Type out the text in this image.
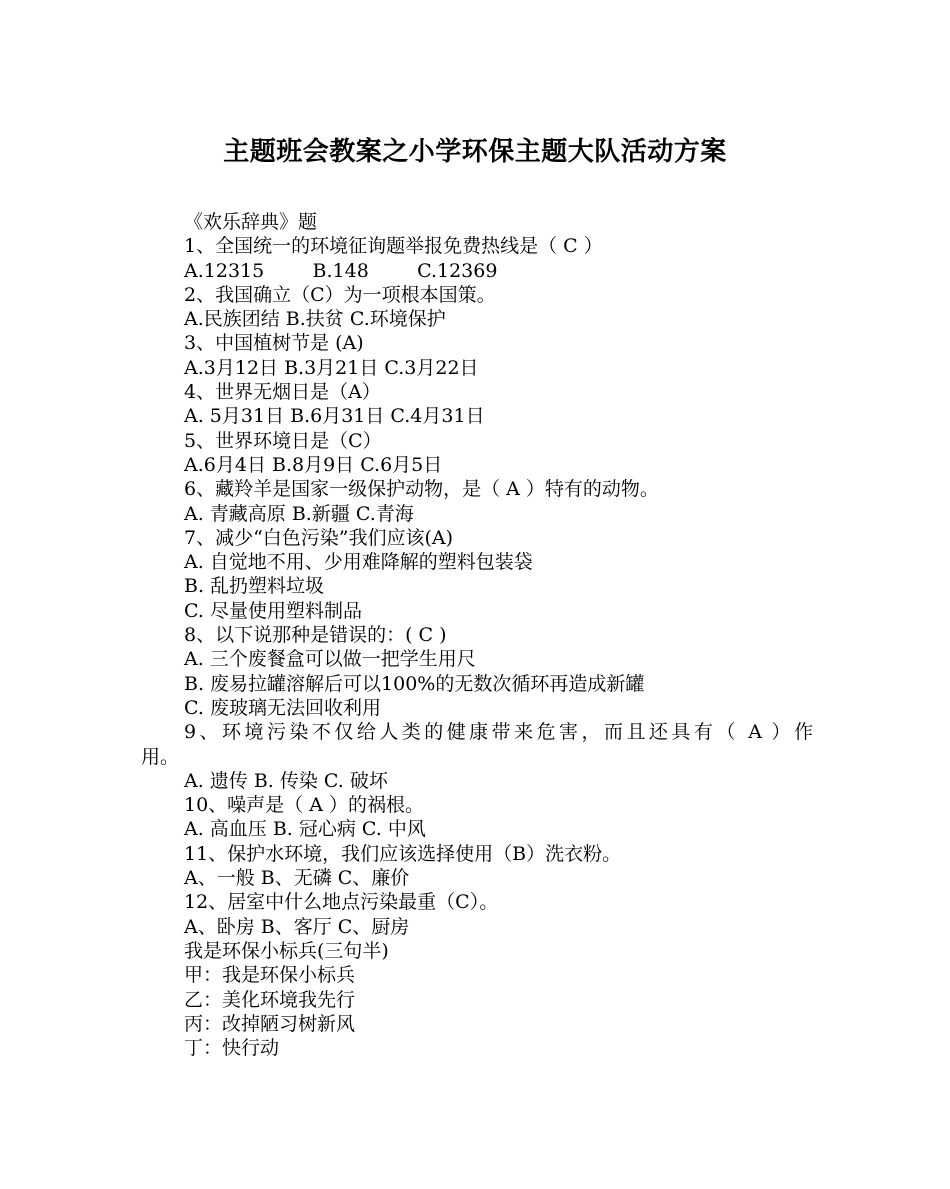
主题班会教案之小学环保主题大队活动方案
《欢乐辞典》题
1、全国统一的环境征询题举报免费热线是（ C ）
A.12315        B.148        C.12369
2、我国确立（C）为一项根本国策。
A.民族团结 B.扶贫 C.环境保护
3、中国植树节是 (A)
A.3月12日 B.3月21日 C.3月22日
4、世界无烟日是（A）
A. 5月31日 B.6月31日 C.4月31日
5、世界环境日是（C）
A.6月4日 B.8月9日 C.6月5日
6、藏羚羊是国家一级保护动物，是（ A ）特有的动物。
A. 青藏高原 B.新疆 C.青海
7、减少“白色污染”我们应该(A)
A. 自觉地不用、少用难降解的塑料包装袋
B. 乱扔塑料垃圾
C. 尽量使用塑料制品
8、以下说那种是错误的：( C )
A. 三个废餐盒可以做一把学生用尺
B. 废易拉罐溶解后可以100%的无数次循环再造成新罐
C. 废玻璃无法回收利用
9、环境污染不仅给人类的健康带来危害，而且还具有（ A ）作
用。
A. 遗传 B. 传染 C. 破坏
10、噪声是（ A ）的祸根。
A. 高血压 B. 冠心病 C. 中风
11、保护水环境，我们应该选择使用（B）洗衣粉。
A、一般 B、无磷 C、廉价
12、居室中什么地点污染最重（C）。
A、卧房 B、客厅 C、厨房
我是环保小标兵(三句半)
甲：我是环保小标兵
乙：美化环境我先行
丙：改掉陋习树新风
丁：快行动
